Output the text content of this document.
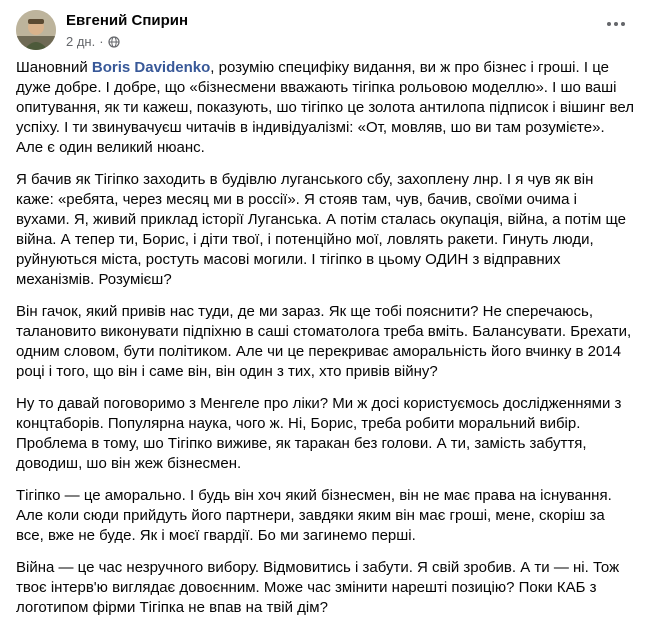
Евгений Спирин
2 дн. ·

Шановний Boris Davidenko, розумію специфіку видання, ви ж про бізнес і гроші. І це дуже добре. І добре, що «бізнесмени вважають тігіпка рольовою моделлю». І шо ваші опитування, як ти кажеш, показують, шо тігіпко це золота антилопа підписок і вішинг вел успіху. І ти звинувачуєш читачів в індивідуалізмі: «От, мовляв, шо ви там розумієте». Але є один великий нюанс.

Я бачив як Тігіпко заходить в будівлю луганського сбу, захоплену лнр. І я чув як він каже: «ребята, через месяц ми в россії». Я стояв там, чув, бачив, своїми очима і вухами. Я, живий приклад історії Луганська. А потім сталась окупація, війна, а потім ще війна. А тепер ти, Борис, і діти твої, і потенційно мої, ловлять ракети. Гинуть люди, руйнуються міста, ростуть масові могили. І тігіпко в цьому ОДИН з відправних механізмів. Розумієш?

Він гачок, який привів нас туди, де ми зараз. Як ще тобі пояснити? Не сперечаюсь, талановито виконувати підпіхню в саші стоматолога треба вміть. Балансувати. Брехати, одним словом, бути політиком. Але чи це перекриває аморальність його вчинку в 2014 році і того, що він і саме він, він один з тих, хто привів війну?

Ну то давай поговоримо з Менгеле про ліки? Ми ж досі користуємось дослідженнями з концтаборів. Популярна наука, чого ж. Ні, Борис, треба робити моральний вибір. Проблема в тому, шо Тігіпко виживе, як таракан без голови. А ти, замість забуття, доводиш, шо він жеж бізнесмен.

Тігіпко — це аморально. І будь він хоч який бізнесмен, він не має права на існування. Але коли сюди прийдуть його партнери, завдяки яким він має гроші, мене, скоріш за все, вже не буде. Як і моєї гвардії. Бо ми загинемо перші.

Війна — це час незручного вибору. Відмовитись і забути. Я свій зробив. А ти — ні. Тож твоє інтерв'ю виглядає довоєнним. Може час змінити нарешті позицію? Поки КАБ з логотипом фірми Тігіпка не впав на твій дім?
